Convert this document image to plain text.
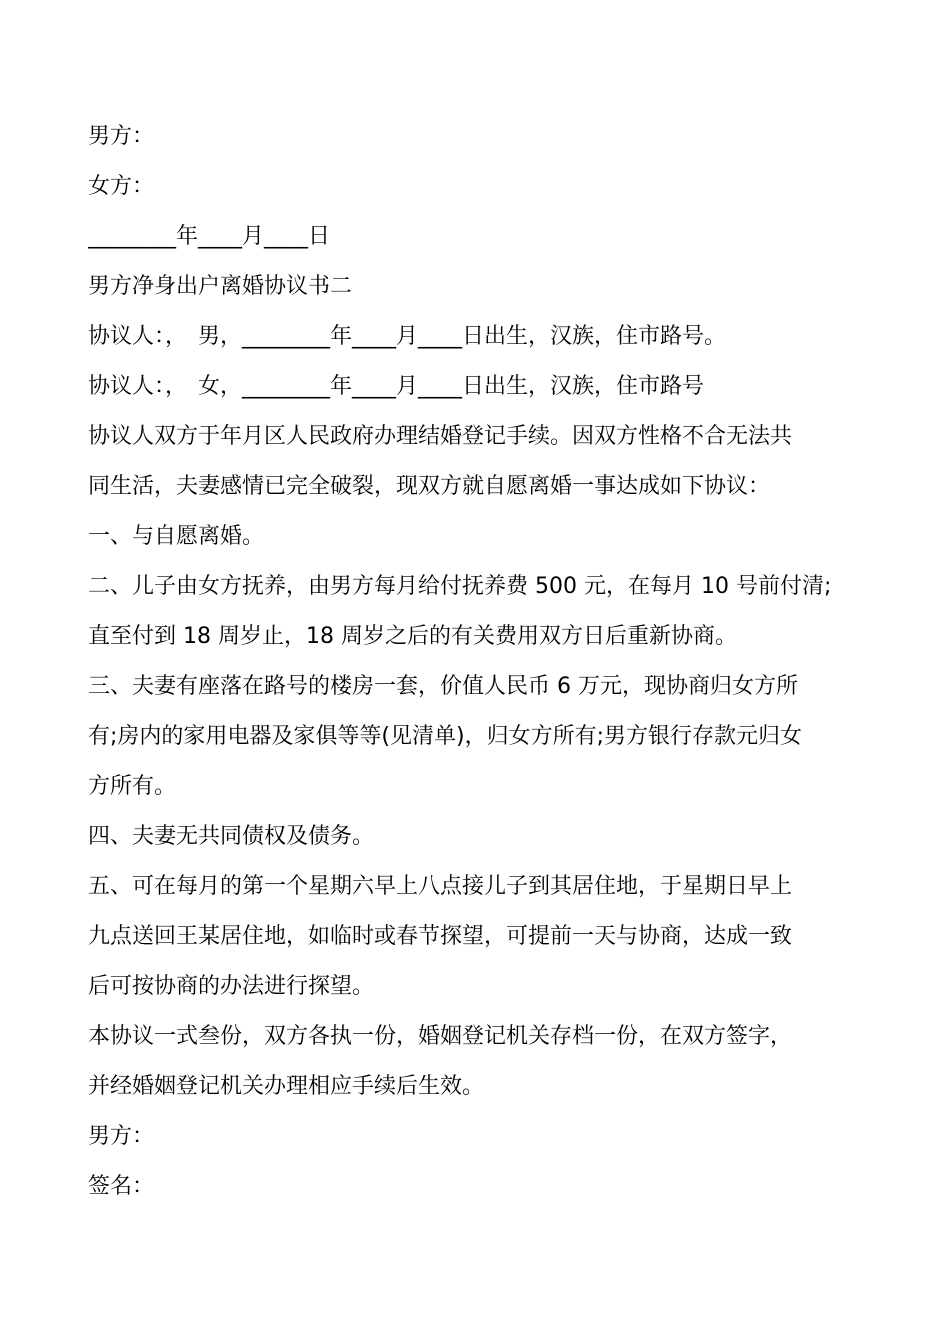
男方：
女方：
________年____月____日
男方净身出户离婚协议书二
协议人：，　男，________年____月____日出生，汉族，住市路号。
协议人：，　女，________年____月____日出生，汉族，住市路号
协议人双方于年月区人民政府办理结婚登记手续。因双方性格不合无法共
同生活，夫妻感情已完全破裂，现双方就自愿离婚一事达成如下协议：
一、与自愿离婚。
二、儿子由女方抚养，由男方每月给付抚养费 500 元，在每月 10 号前付清;
直至付到 18 周岁止，18 周岁之后的有关费用双方日后重新协商。
三、夫妻有座落在路号的楼房一套，价值人民币 6 万元，现协商归女方所
有;房内的家用电器及家俱等等(见清单)，归女方所有;男方银行存款元归女
方所有。
四、夫妻无共同债权及债务。
五、可在每月的第一个星期六早上八点接儿子到其居住地，于星期日早上
九点送回王某居住地，如临时或春节探望，可提前一天与协商，达成一致
后可按协商的办法进行探望。
本协议一式叁份，双方各执一份，婚姻登记机关存档一份，在双方签字，
并经婚姻登记机关办理相应手续后生效。
男方：
签名：
